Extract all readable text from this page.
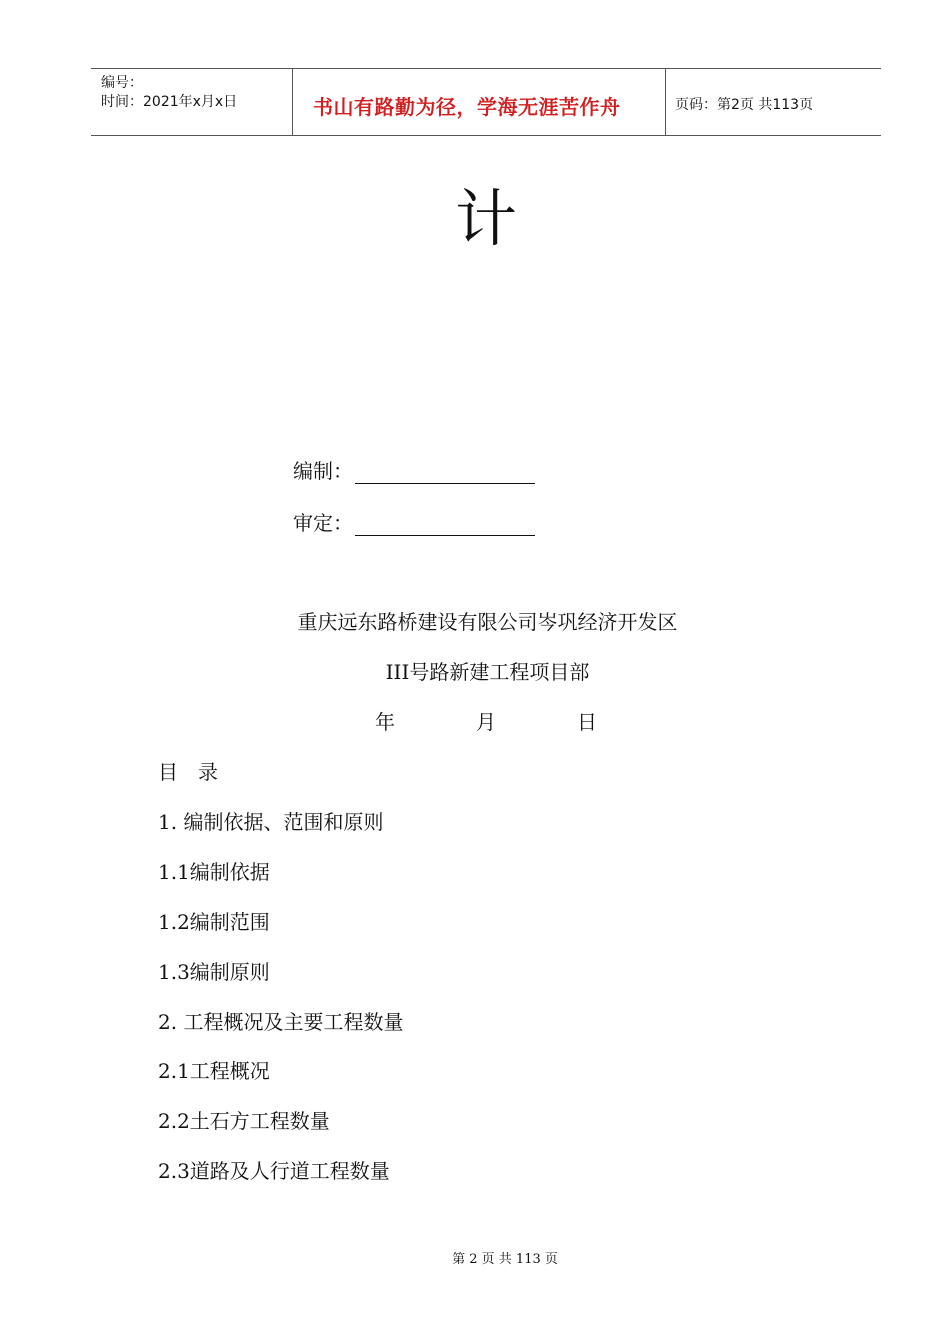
编号：
时间：2021年x月x日	书山有路勤为径，学海无涯苦作舟	页码：第2页 共113页
计
编制：
审定：
重庆远东路桥建设有限公司岑巩经济开发区
III号路新建工程项目部
年	月	日
目　录
1. 编制依据、范围和原则
1.1编制依据
1.2编制范围
1.3编制原则
2. 工程概况及主要工程数量
2.1工程概况
2.2土石方工程数量
2.3道路及人行道工程数量
第 2 页 共 113 页
